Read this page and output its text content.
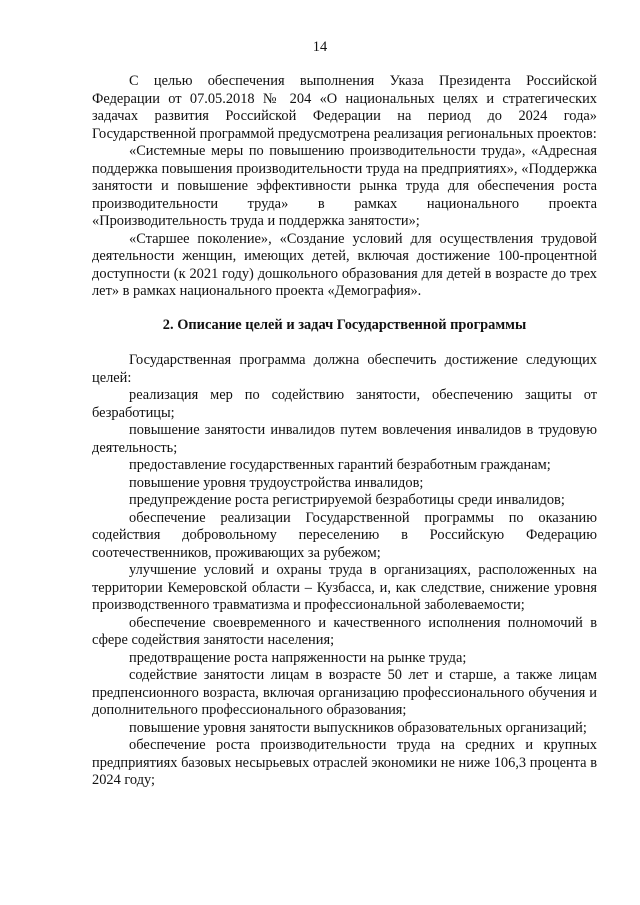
14

С целью обеспечения выполнения Указа Президента Российской Федерации от 07.05.2018 № 204 «О национальных целях и стратегических задачах развития Российской Федерации на период до 2024 года» Государственной программой предусмотрена реализация региональных проектов:

«Системные меры по повышению производительности труда», «Адресная поддержка повышения производительности труда на предприятиях», «Поддержка занятости и повышение эффективности рынка труда для обеспечения роста производительности труда» в рамках национального проекта «Производительность труда и поддержка занятости»;

«Старшее поколение», «Создание условий для осуществления трудовой деятельности женщин, имеющих детей, включая достижение 100-процентной доступности (к 2021 году) дошкольного образования для детей в возрасте до трех лет» в рамках национального проекта «Демография».

2. Описание целей и задач Государственной программы

Государственная программа должна обеспечить достижение следующих целей:

реализация мер по содействию занятости, обеспечению защиты от безработицы;

повышение занятости инвалидов путем вовлечения инвалидов в трудовую деятельность;

предоставление государственных гарантий безработным гражданам;

повышение уровня трудоустройства инвалидов;

предупреждение роста регистрируемой безработицы среди инвалидов;

обеспечение реализации Государственной программы по оказанию содействия добровольному переселению в Российскую Федерацию соотечественников, проживающих за рубежом;

улучшение условий и охраны труда в организациях, расположенных на территории Кемеровской области – Кузбасса, и, как следствие, снижение уровня производственного травматизма и профессиональной заболеваемости;

обеспечение своевременного и качественного исполнения полномочий в сфере содействия занятости населения;

предотвращение роста напряженности на рынке труда;

содействие занятости лицам в возрасте 50 лет и старше, а также лицам предпенсионного возраста, включая организацию профессионального обучения и дополнительного профессионального образования;

повышение уровня занятости выпускников образовательных организаций;

обеспечение роста производительности труда на средних и крупных предприятиях базовых несырьевых отраслей экономики не ниже 106,3 процента в 2024 году;
